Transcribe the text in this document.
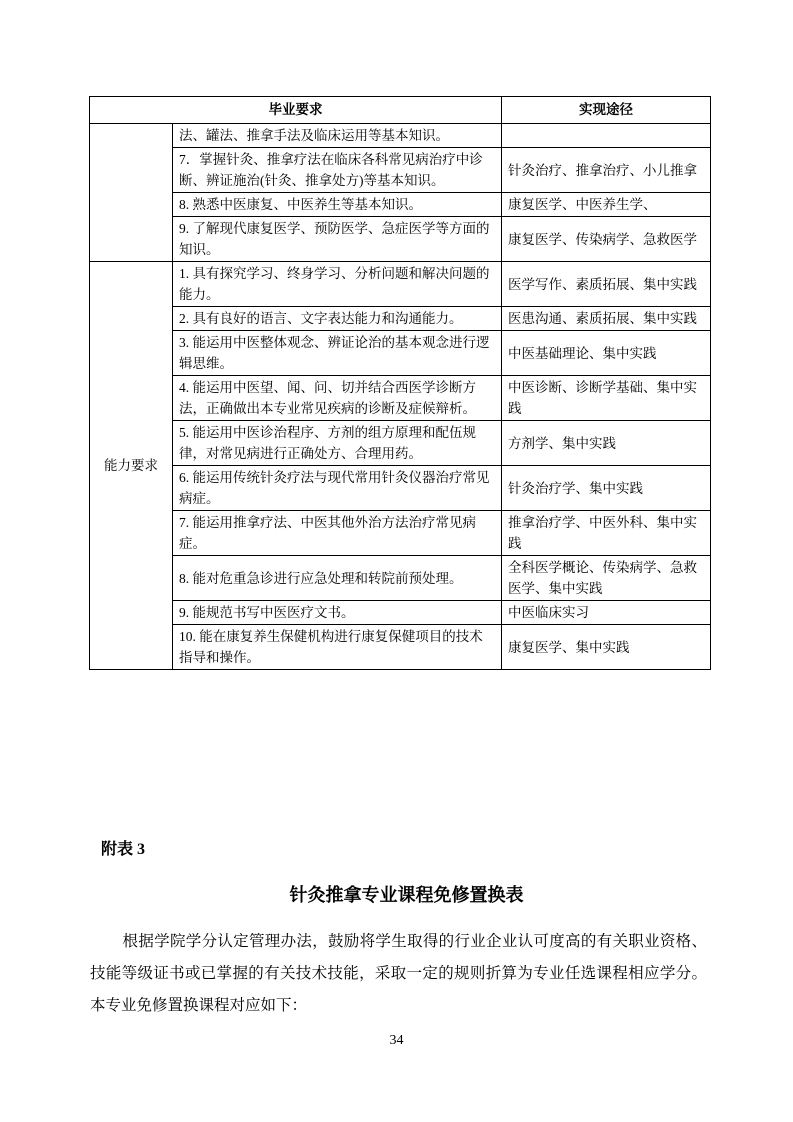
毕业要求		实现途径
	法、罐法、推拿手法及临床运用等基本知识。	
	7．掌握针灸、推拿疗法在临床各科常见病治疗中诊断、辨证施治(针灸、推拿处方)等基本知识。	针灸治疗、推拿治疗、小儿推拿
	8. 熟悉中医康复、中医养生等基本知识。	康复医学、中医养生学、
	9. 了解现代康复医学、预防医学、急症医学等方面的知识。	康复医学、传染病学、急救医学
能力要求	1. 具有探究学习、终身学习、分析问题和解决问题的能力。	医学写作、素质拓展、集中实践
	2. 具有良好的语言、文字表达能力和沟通能力。	医患沟通、素质拓展、集中实践
	3. 能运用中医整体观念、辨证论治的基本观念进行逻辑思维。	中医基础理论、集中实践
	4. 能运用中医望、闻、问、切并结合西医学诊断方法，正确做出本专业常见疾病的诊断及症候辩析。	中医诊断、诊断学基础、集中实践
	5. 能运用中医诊治程序、方剂的组方原理和配伍规律，对常见病进行正确处方、合理用药。	方剂学、集中实践
	6. 能运用传统针灸疗法与现代常用针灸仪器治疗常见病症。	针灸治疗学、集中实践
	7. 能运用推拿疗法、中医其他外治方法治疗常见病症。	推拿治疗学、中医外科、集中实践
	8. 能对危重急诊进行应急处理和转院前预处理。	全科医学概论、传染病学、急救医学、集中实践
	9. 能规范书写中医医疗文书。	中医临床实习
	10. 能在康复养生保健机构进行康复保健项目的技术指导和操作。	康复医学、集中实践
附表 3
针灸推拿专业课程免修置换表
根据学院学分认定管理办法，鼓励将学生取得的行业企业认可度高的有关职业资格、技能等级证书或已掌握的有关技术技能，采取一定的规则折算为专业任选课程相应学分。本专业免修置换课程对应如下：
34
